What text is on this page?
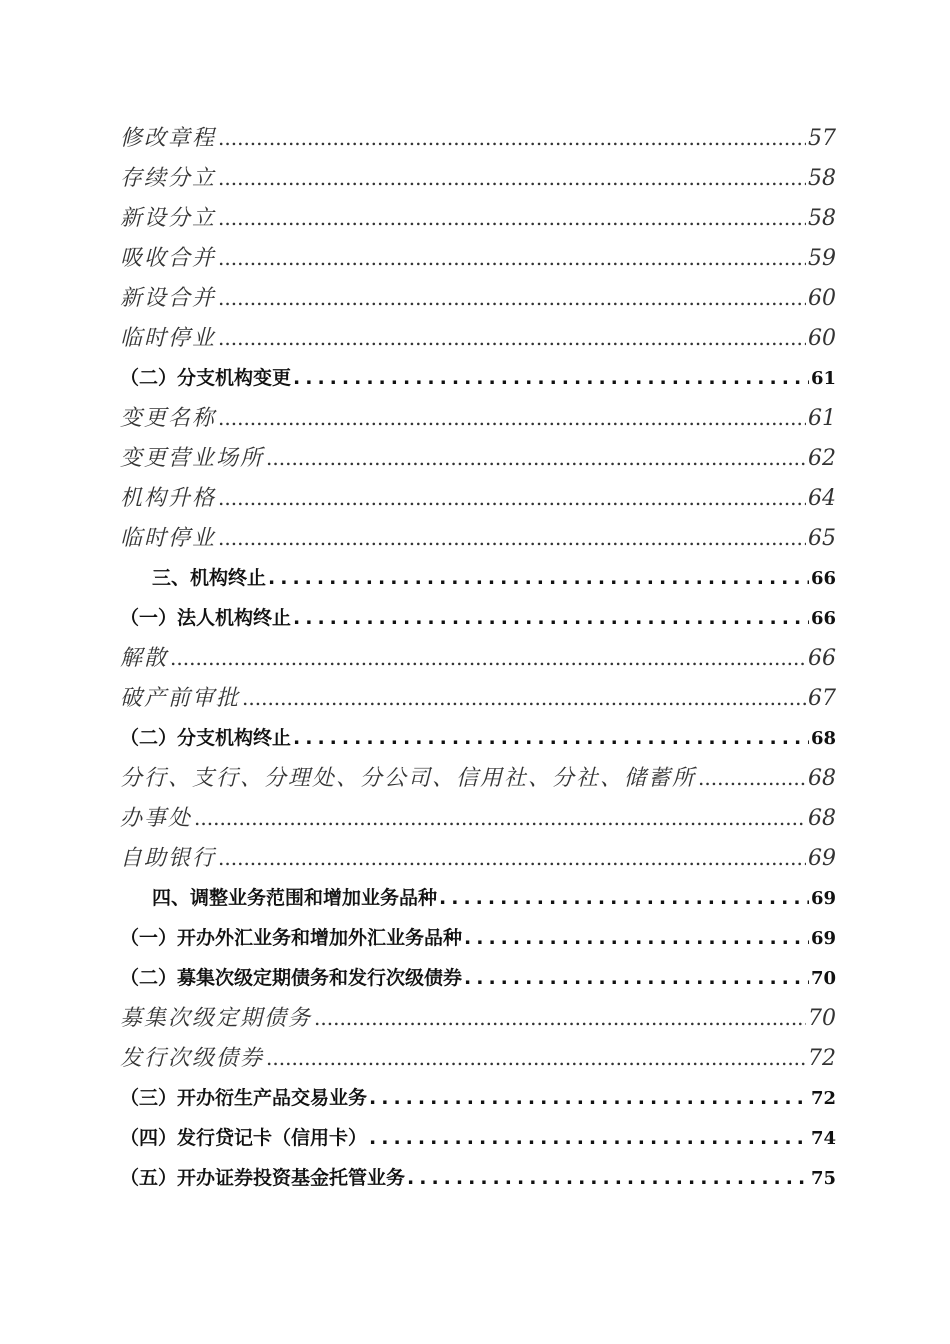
修改章程 .....	57
存续分立 .....	58
新设分立 .....	58
吸收合并 .....	59
新设合并 .....	60
临时停业 .....	60
（二）分支机构变更 .....	61
变更名称 .....	61
变更营业场所 .....	62
机构升格 .....	64
临时停业 .....	65
三、机构终止 .....	66
（一）法人机构终止 .....	66
解散 .....	66
破产前审批 .....	67
（二）分支机构终止 .....	68
分行、支行、分理处、分公司、信用社、分社、储蓄所 .....	68
办事处 .....	68
自助银行 .....	69
四、调整业务范围和增加业务品种 .....	69
（一）开办外汇业务和增加外汇业务品种 .....	69
（二）募集次级定期债务和发行次级债券 .....	70
募集次级定期债务 .....	70
发行次级债券 .....	72
（三）开办衍生产品交易业务 .....	72
（四）发行贷记卡（信用卡） .....	74
（五）开办证券投资基金托管业务 .....	75
